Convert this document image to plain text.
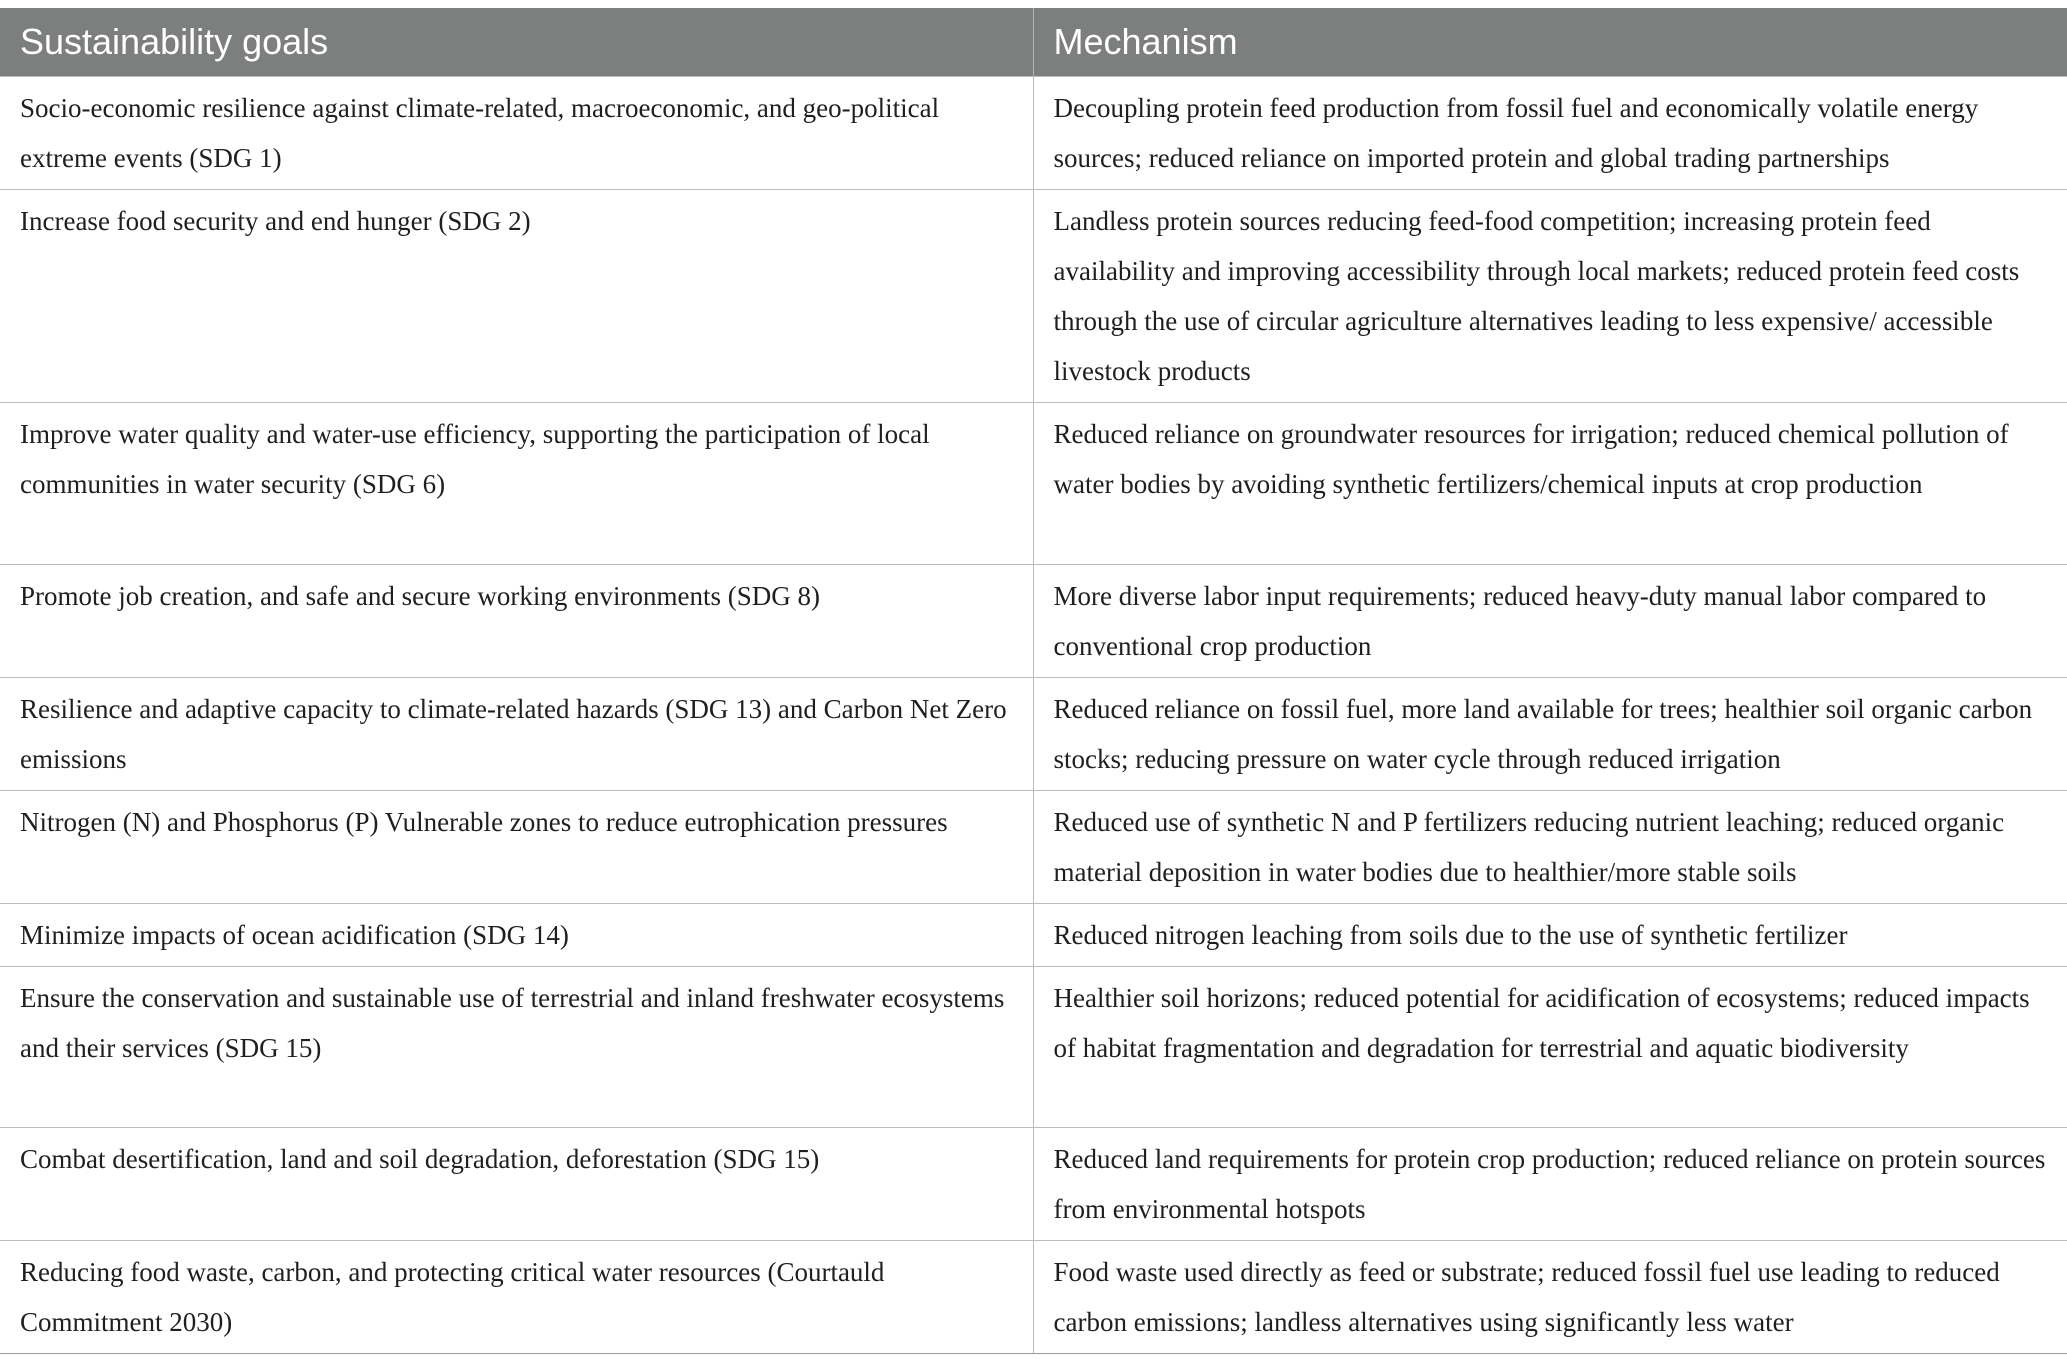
Sustainability goals	Mechanism
Socio-economic resilience against climate-related, macroeconomic, and geo-political extreme events (SDG 1)	Decoupling protein feed production from fossil fuel and economically volatile energy sources; reduced reliance on imported protein and global trading partnerships
Increase food security and end hunger (SDG 2)	Landless protein sources reducing feed-food competition; increasing protein feed availability and improving accessibility through local markets; reduced protein feed costs through the use of circular agriculture alternatives leading to less expensive/ accessible livestock products
Improve water quality and water-use efficiency, supporting the participation of local communities in water security (SDG 6)	Reduced reliance on groundwater resources for irrigation; reduced chemical pollution of water bodies by avoiding synthetic fertilizers/chemical inputs at crop production
Promote job creation, and safe and secure working environments (SDG 8)	More diverse labor input requirements; reduced heavy-duty manual labor compared to conventional crop production
Resilience and adaptive capacity to climate-related hazards (SDG 13) and Carbon Net Zero emissions	Reduced reliance on fossil fuel, more land available for trees; healthier soil organic carbon stocks; reducing pressure on water cycle through reduced irrigation
Nitrogen (N) and Phosphorus (P) Vulnerable zones to reduce eutrophication pressures	Reduced use of synthetic N and P fertilizers reducing nutrient leaching; reduced organic material deposition in water bodies due to healthier/more stable soils
Minimize impacts of ocean acidification (SDG 14)	Reduced nitrogen leaching from soils due to the use of synthetic fertilizer
Ensure the conservation and sustainable use of terrestrial and inland freshwater ecosystems and their services (SDG 15)	Healthier soil horizons; reduced potential for acidification of ecosystems; reduced impacts of habitat fragmentation and degradation for terrestrial and aquatic biodiversity
Combat desertification, land and soil degradation, deforestation (SDG 15)	Reduced land requirements for protein crop production; reduced reliance on protein sources from environmental hotspots
Reducing food waste, carbon, and protecting critical water resources (Courtauld Commitment 2030)	Food waste used directly as feed or substrate; reduced fossil fuel use leading to reduced carbon emissions; landless alternatives using significantly less water
